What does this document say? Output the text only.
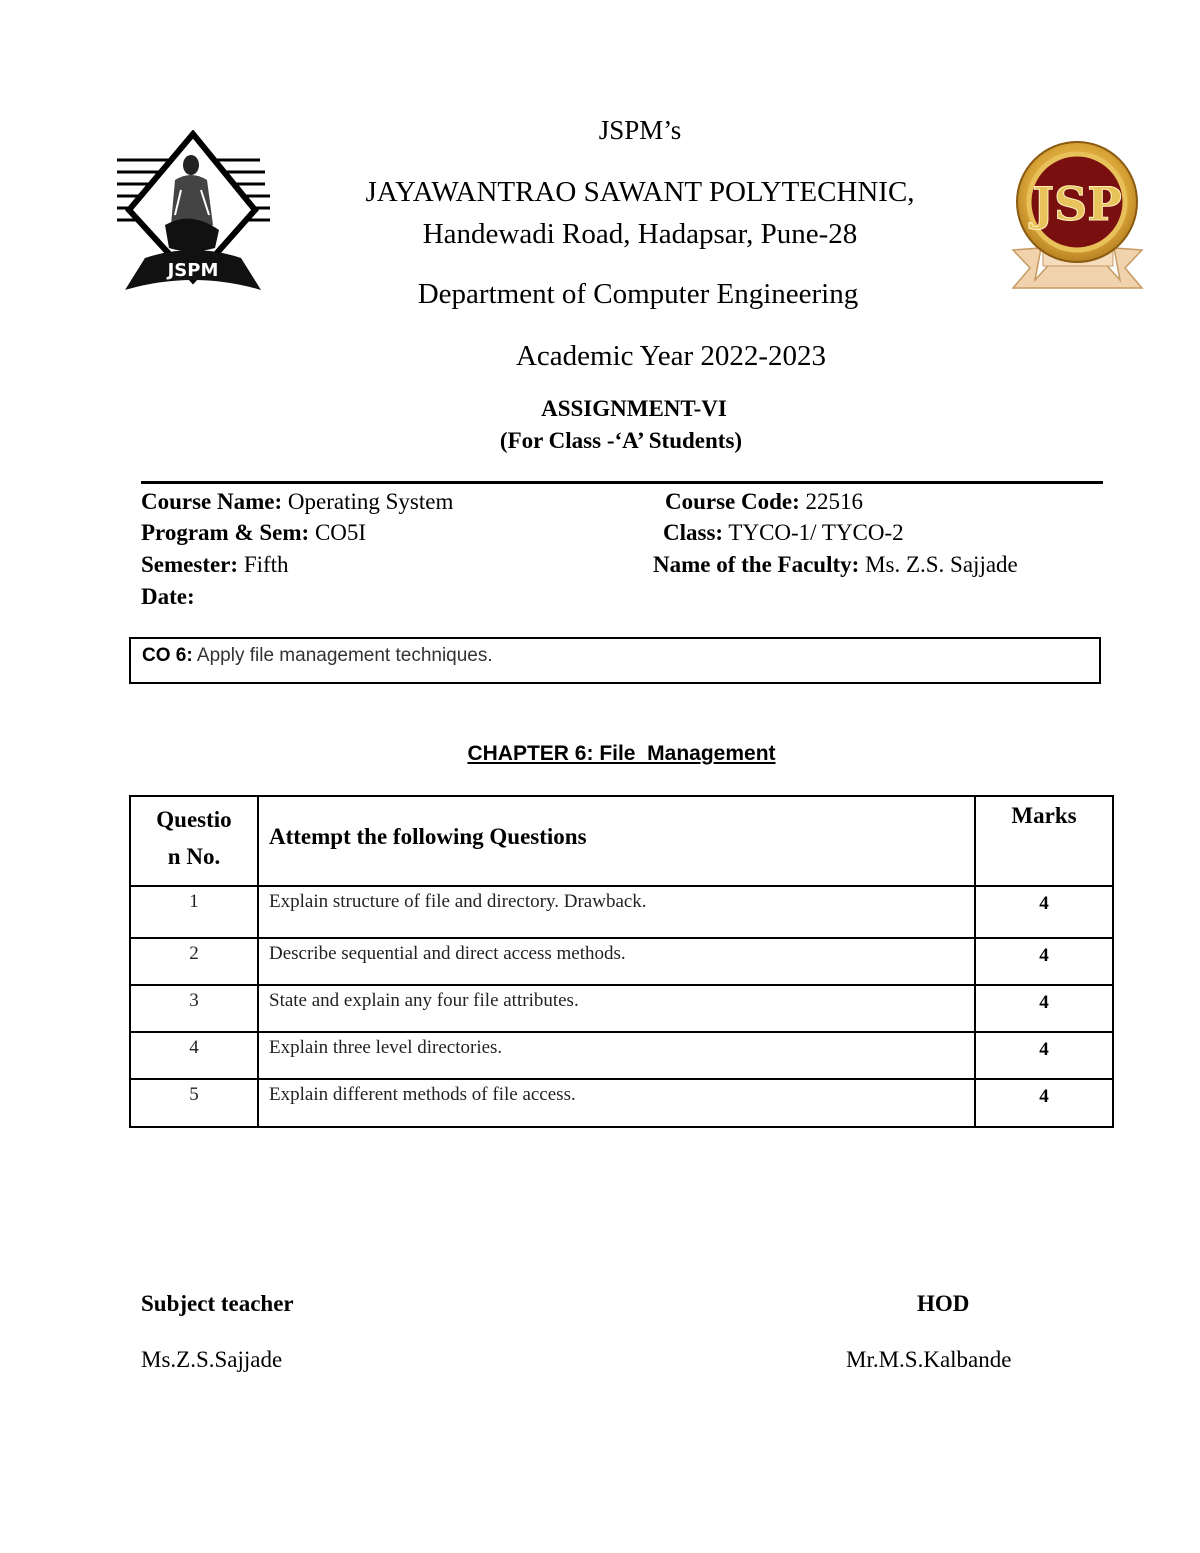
JSPM
JSP
JSPM’s
JAYAWANTRAO SAWANT POLYTECHNIC,
Handewadi Road, Hadapsar, Pune-28
Department of Computer Engineering
Academic Year 2022-2023
ASSIGNMENT-VI
(For Class -‘A’ Students)
Course Name: Operating System	Course Code: 22516
Program & Sem: CO5I	Class: TYCO-1/ TYCO-2
Semester: Fifth	Name of the Faculty: Ms. Z.S. Sajjade
Date:
CO 6: Apply file management techniques.
CHAPTER 6: File  Management
Questio
n No.	Attempt the following Questions	Marks
1	Explain structure of file and directory. Drawback.	4
2	Describe sequential and direct access methods.	4
3	State and explain any four file attributes.	4
4	Explain three level directories.	4
5	Explain different methods of file access.	4
Subject teacher
Ms.Z.S.Sajjade
HOD
Mr.M.S.Kalbande
